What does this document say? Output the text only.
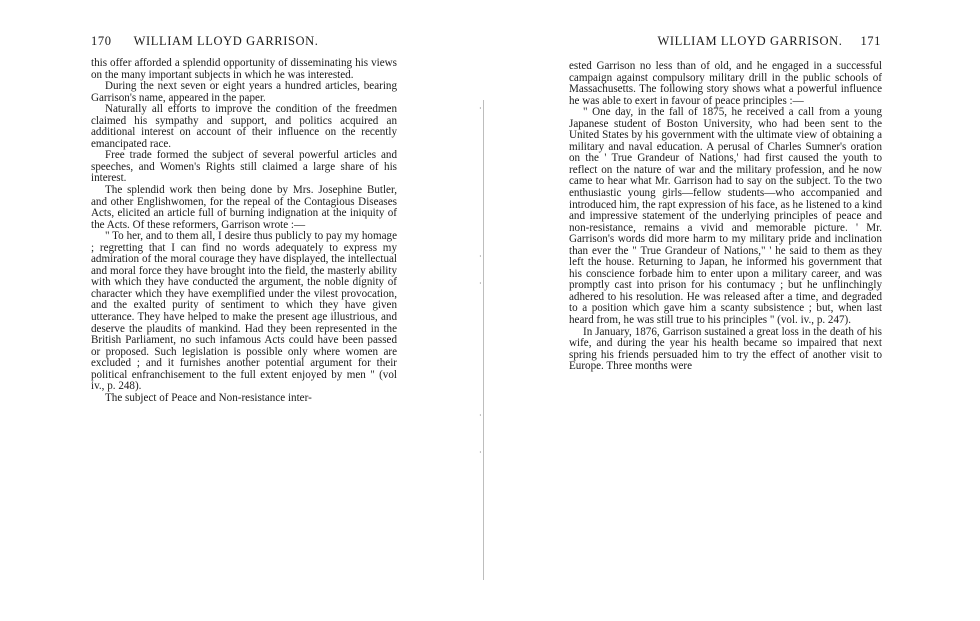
170 WILLIAM LLOYD GARRISON.

this offer afforded a splendid opportunity of disseminating his views on the many important subjects in which he was interested.

During the next seven or eight years a hundred articles, bearing Garrison's name, appeared in the paper.

Naturally all efforts to improve the condition of the freedmen claimed his sympathy and support, and politics acquired an additional interest on account of their influence on the recently emancipated race.

Free trade formed the subject of several powerful articles and speeches, and Women's Rights still claimed a large share of his interest.

The splendid work then being done by Mrs. Josephine Butler, and other Englishwomen, for the repeal of the Contagious Diseases Acts, elicited an article full of burning indignation at the iniquity of the Acts. Of these reformers, Garrison wrote :—

" To her, and to them all, I desire thus publicly to pay my homage ; regretting that I can find no words adequately to express my admiration of the moral courage they have displayed, the intellectual and moral force they have brought into the field, the masterly ability with which they have conducted the argument, the noble dignity of character which they have exemplified under the vilest provocation, and the exalted purity of sentiment to which they have given utterance. They have helped to make the present age illustrious, and deserve the plaudits of mankind. Had they been represented in the British Parliament, no such infamous Acts could have been passed or proposed. Such legislation is possible only where women are excluded ; and it furnishes another potential argument for their political enfranchisement to the full extent enjoyed by men " (vol iv., p. 248).

The subject of Peace and Non-resistance inter-

·
·
·
·
·
WILLIAM LLOYD GARRISON. 171

ested Garrison no less than of old, and he engaged in a successful campaign against compulsory military drill in the public schools of Massachusetts. The following story shows what a powerful influence he was able to exert in favour of peace principles :—

" One day, in the fall of 1875, he received a call from a young Japanese student of Boston University, who had been sent to the United States by his government with the ultimate view of obtaining a military and naval education. A perusal of Charles Sumner's oration on the ' True Grandeur of Nations,' had first caused the youth to reflect on the nature of war and the military profession, and he now came to hear what Mr. Garrison had to say on the subject. To the two enthusiastic young girls—fellow students—who accompanied and introduced him, the rapt expression of his face, as he listened to a kind and impressive statement of the underlying principles of peace and non-resistance, remains a vivid and memorable picture. ' Mr. Garrison's words did more harm to my military pride and inclination than ever the " True Grandeur of Nations," ' he said to them as they left the house. Returning to Japan, he informed his government that his conscience forbade him to enter upon a military career, and was promptly cast into prison for his contumacy ; but he unflinchingly adhered to his resolution. He was released after a time, and degraded to a position which gave him a scanty subsistence ; but, when last heard from, he was still true to his principles " (vol. iv., p. 247).

In January, 1876, Garrison sustained a great loss in the death of his wife, and during the year his health became so impaired that next spring his friends persuaded him to try the effect of another visit to Europe. Three months were
